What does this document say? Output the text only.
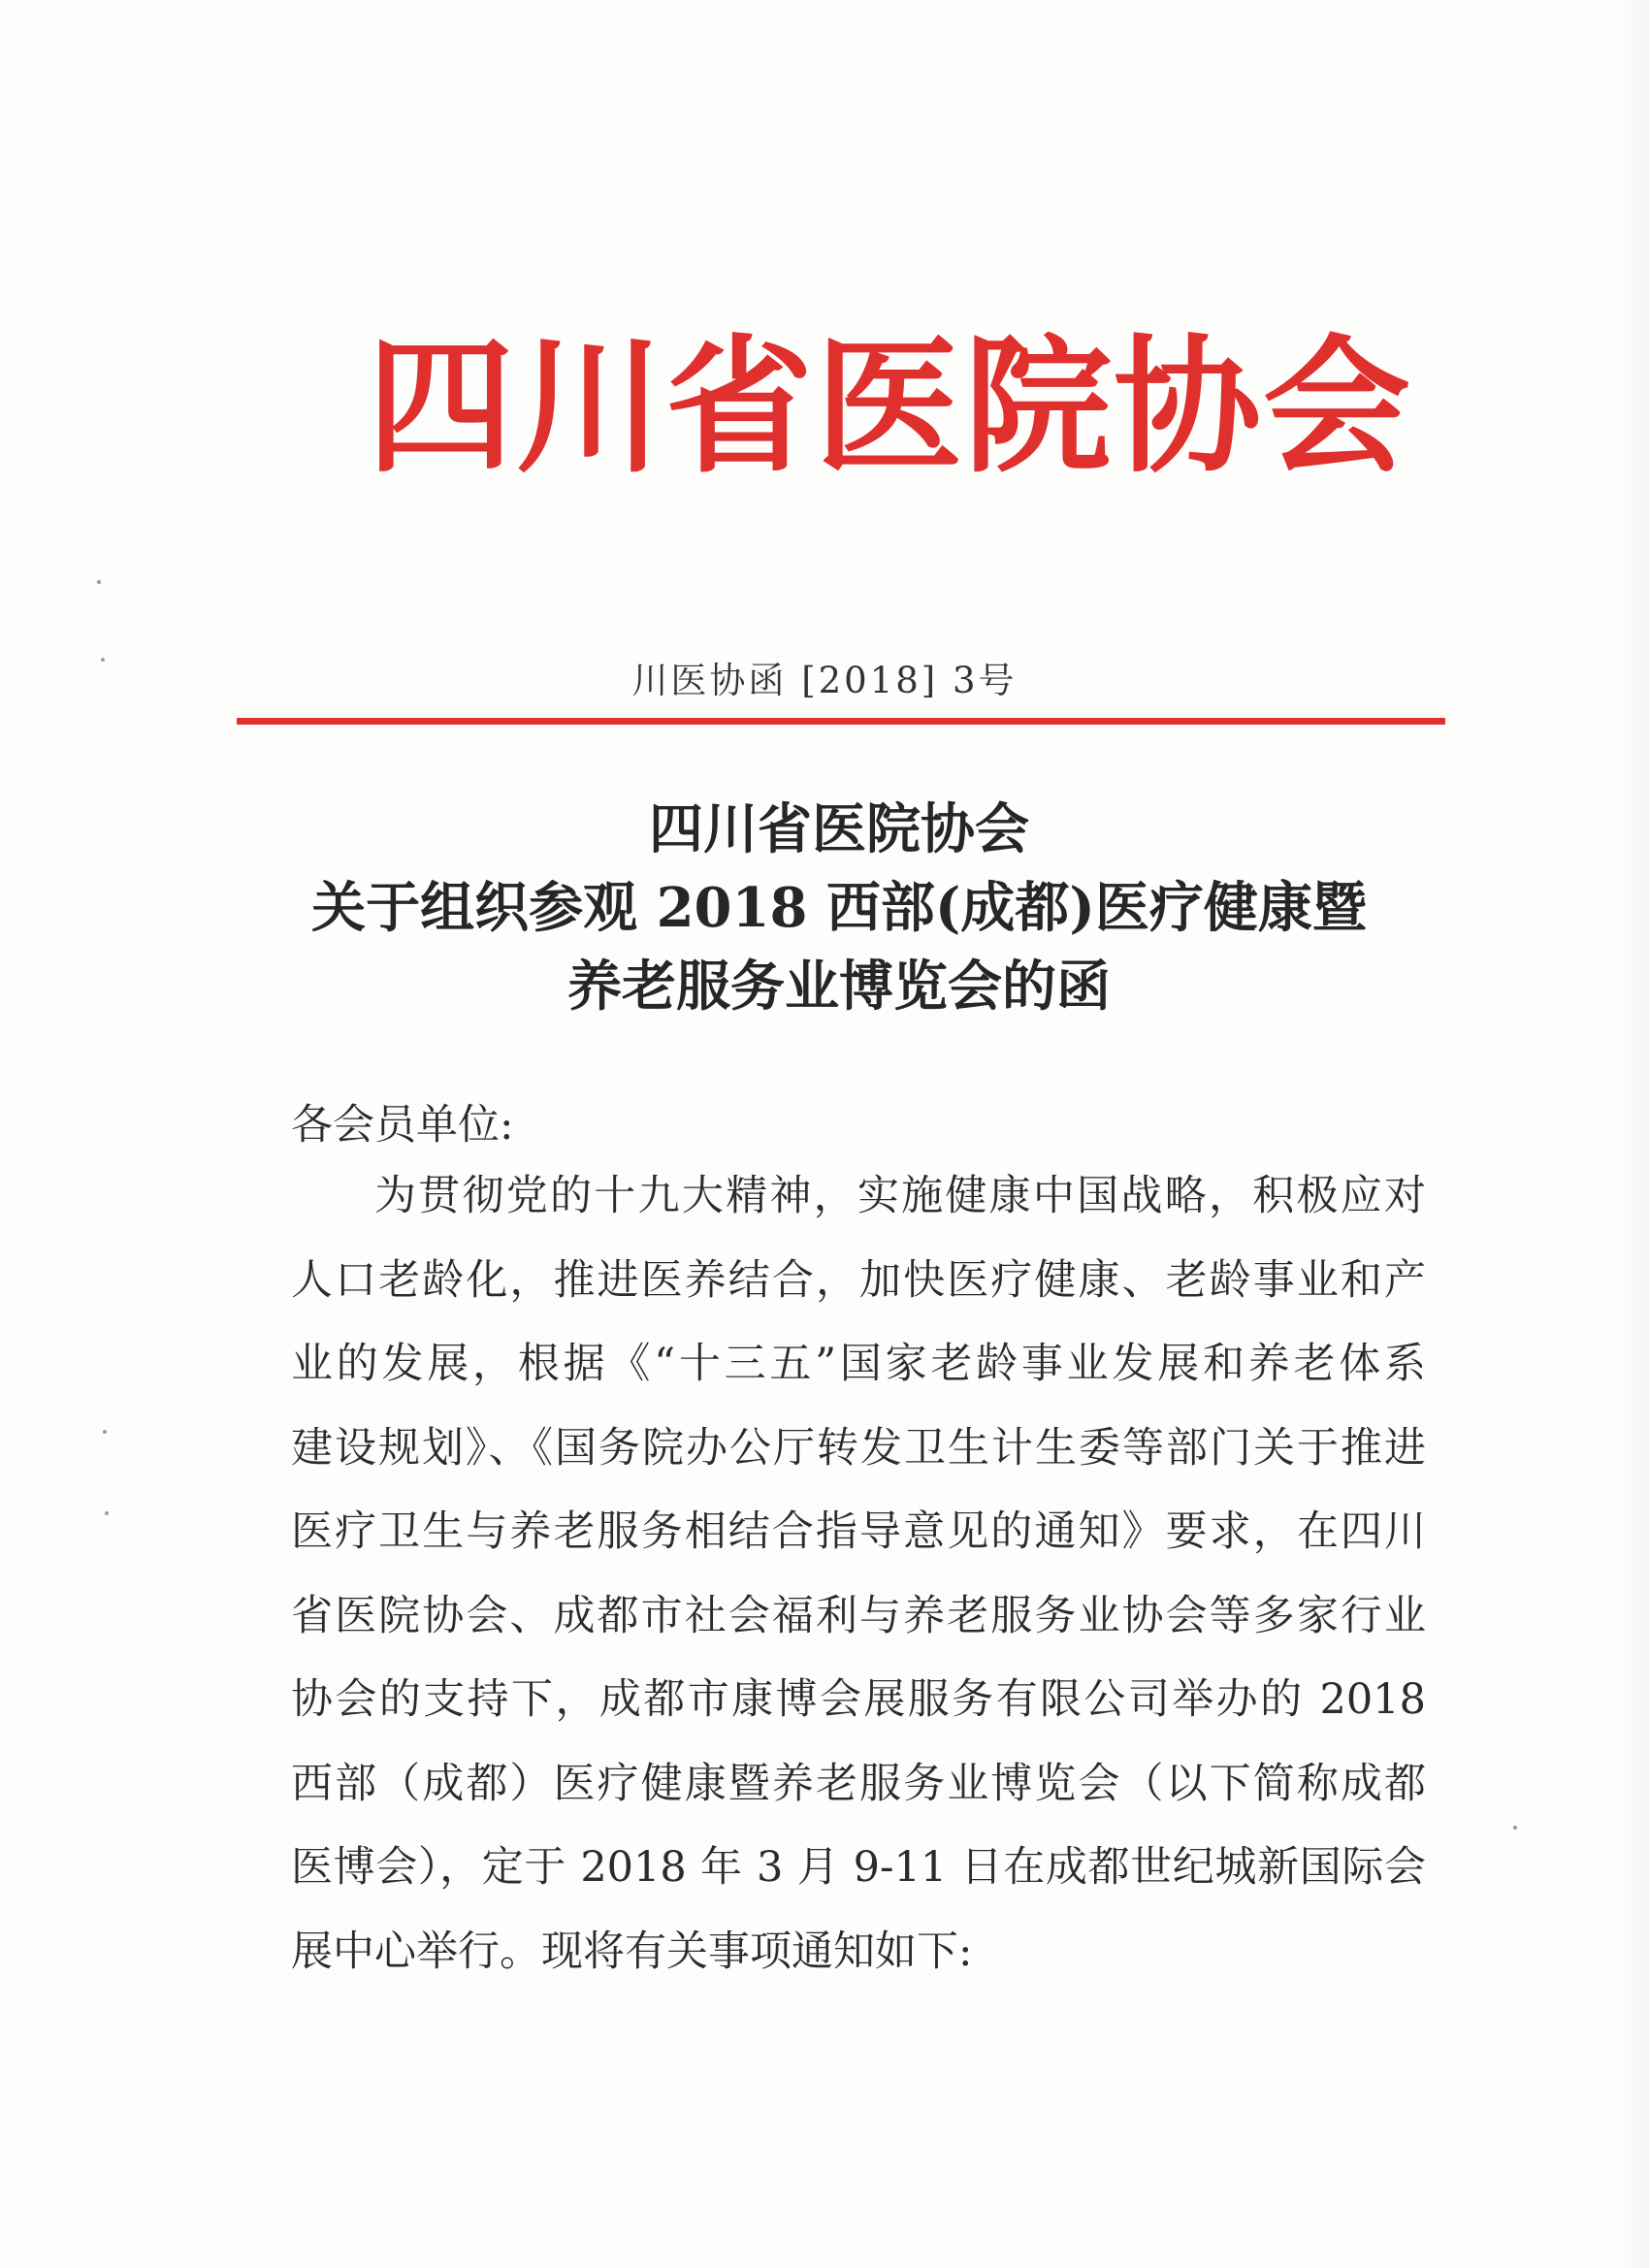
四川省医院协会
川医协函 [2018] 3号
四川省医院协会
关于组织参观 2018 西部(成都)医疗健康暨
养老服务业博览会的函
各会员单位:
为贯彻党的十九大精神，实施健康中国战略，积极应对
人口老龄化，推进医养结合，加快医疗健康、老龄事业和产
业的发展，根据《“十三五”国家老龄事业发展和养老体系
建设规划》、《国务院办公厅转发卫生计生委等部门关于推进
医疗卫生与养老服务相结合指导意见的通知》要求，在四川
省医院协会、成都市社会福利与养老服务业协会等多家行业
协会的支持下，成都市康博会展服务有限公司举办的 2018
西部（成都）医疗健康暨养老服务业博览会（以下简称成都
医博会），定于 2018 年 3 月 9-11 日在成都世纪城新国际会
展中心举行。现将有关事项通知如下:
